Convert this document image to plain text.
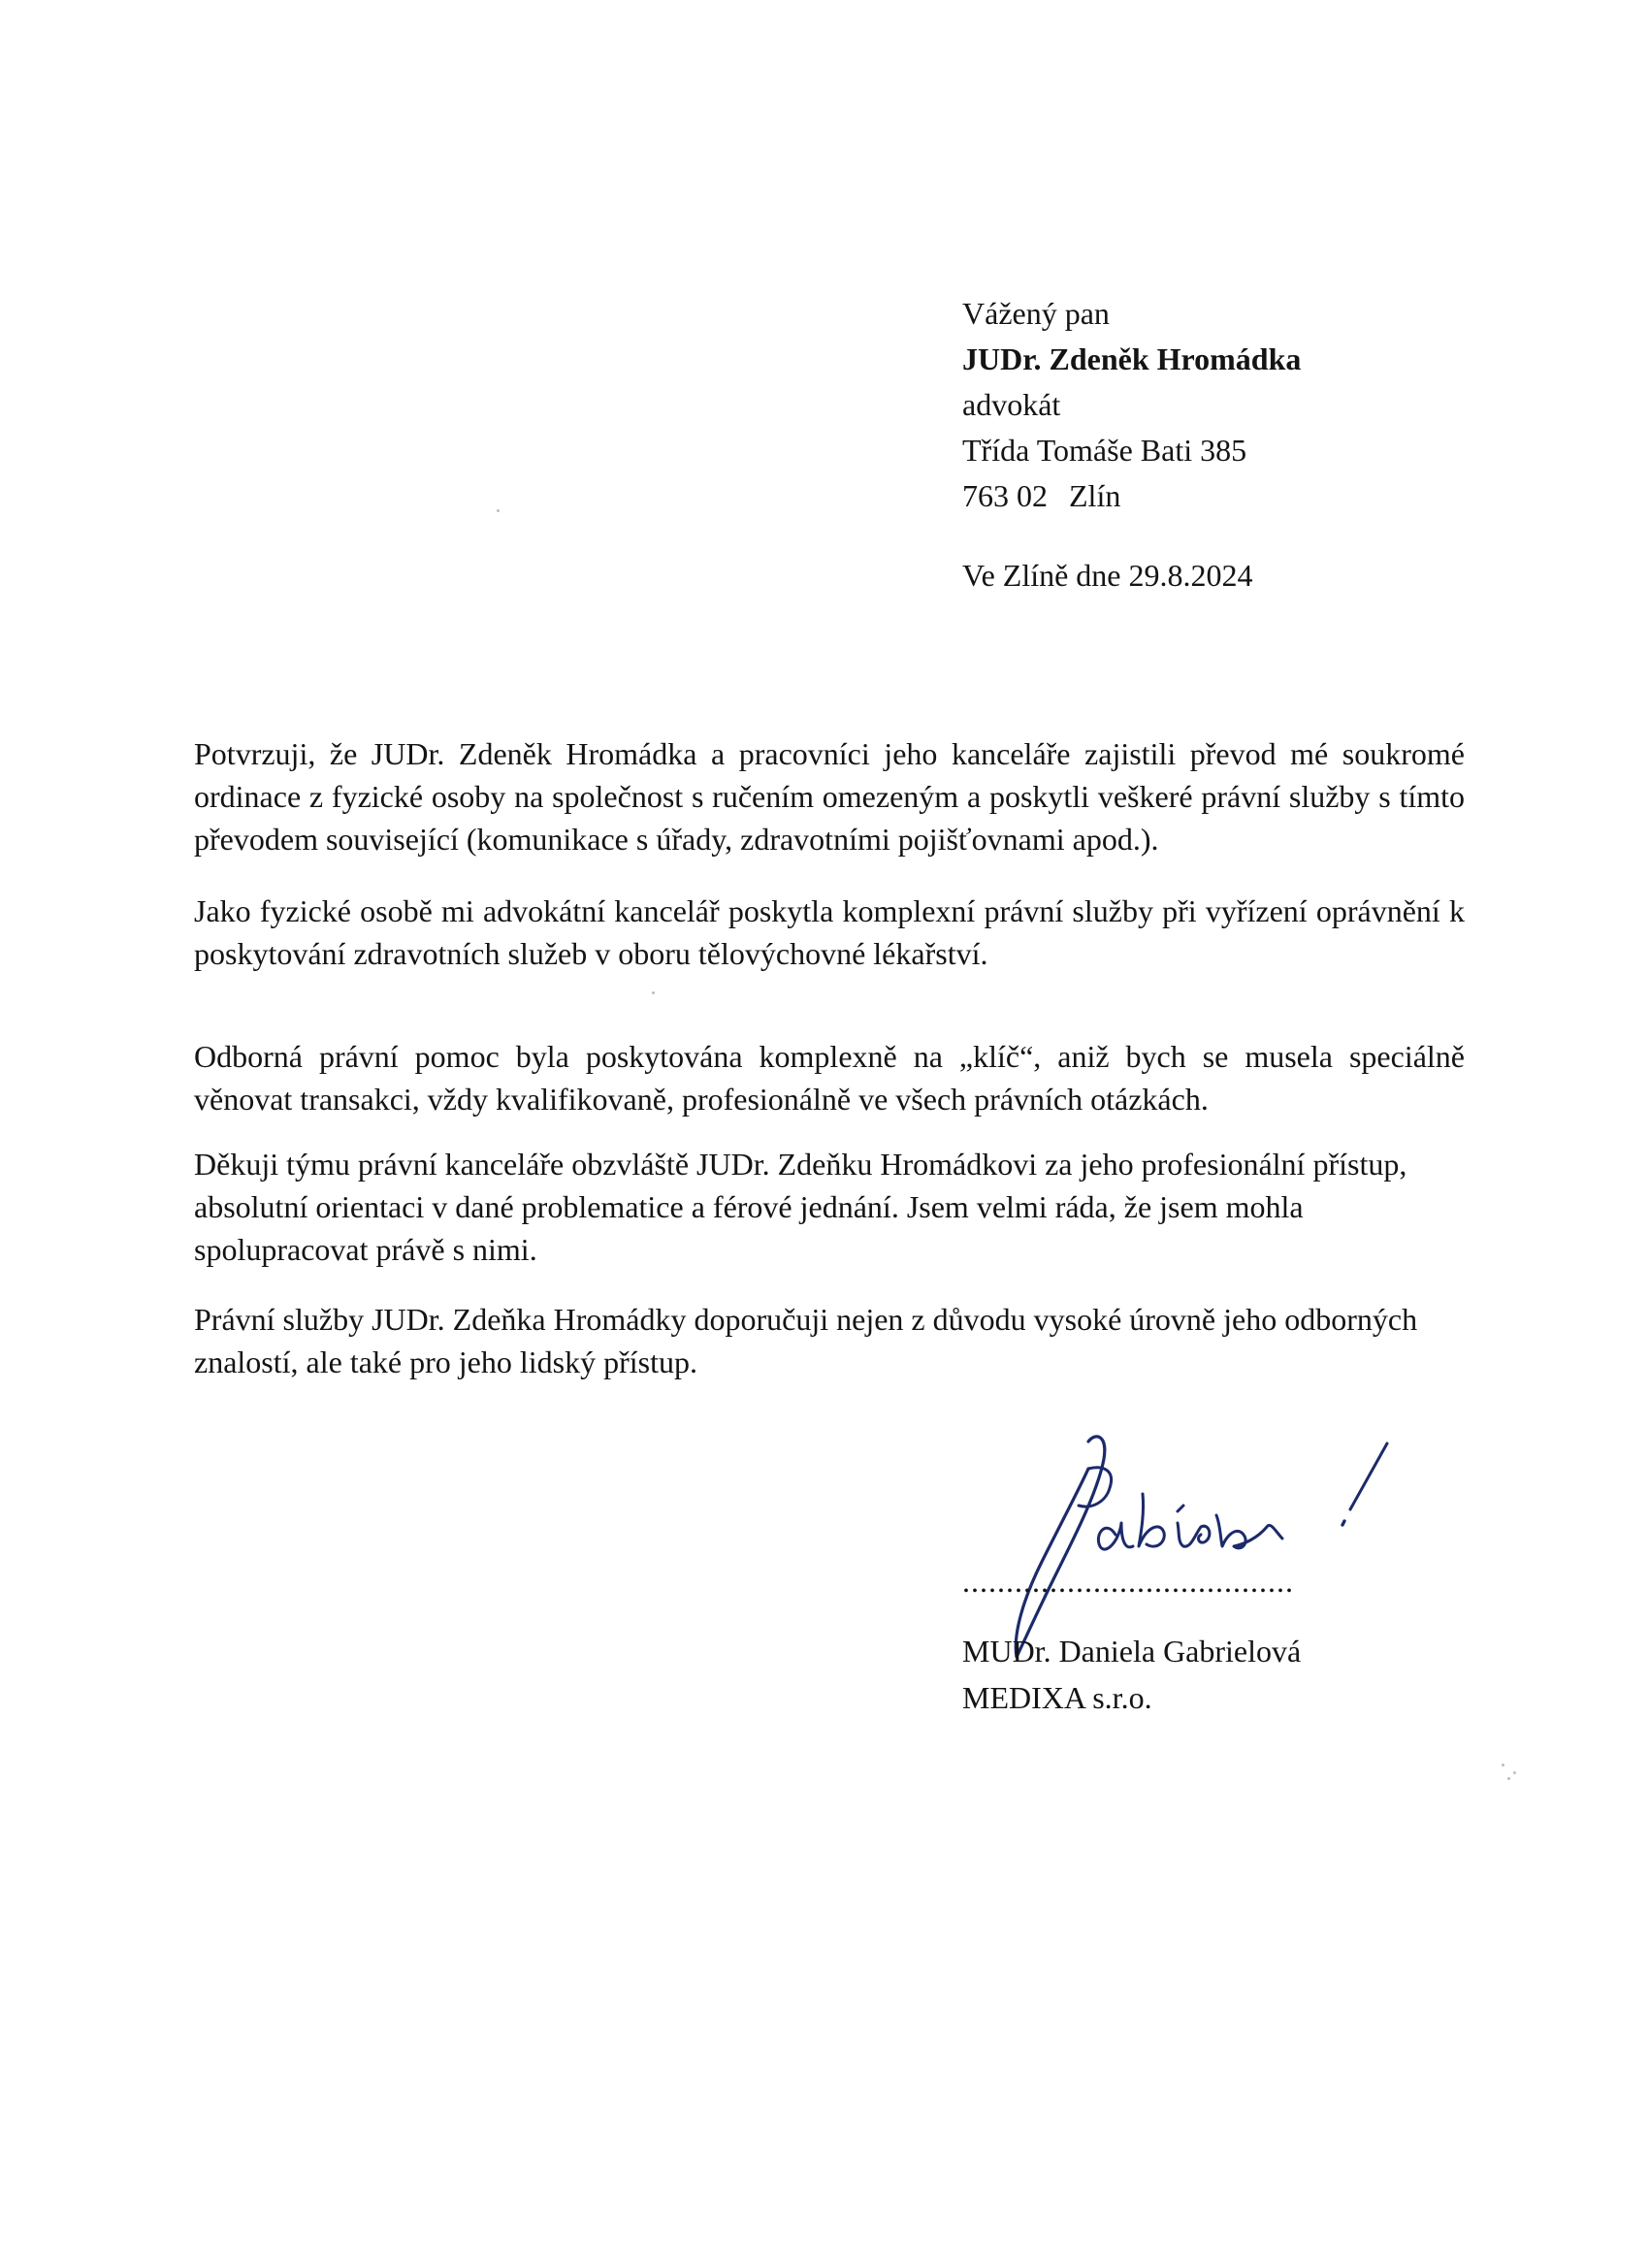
Vážený pan
JUDr. Zdeněk Hromádka
advokát
Třída Tomáše Bati 385
763 02 Zlín
Ve Zlíně dne 29.8.2024

Potvrzuji, že JUDr. Zdeněk Hromádka a pracovníci jeho kanceláře zajistili převod mé soukromé ordinace z fyzické osoby na společnost s ručením omezeným a poskytli veškeré právní služby s tímto převodem související (komunikace s úřady, zdravotními pojišťovnami apod.).

Jako fyzické osobě mi advokátní kancelář poskytla komplexní právní služby při vyřízení oprávnění k poskytování zdravotních služeb v oboru tělovýchovné lékařství.

Odborná právní pomoc byla poskytována komplexně na „klíč“, aniž bych se musela speciálně věnovat transakci, vždy kvalifikovaně, profesionálně ve všech právních otázkách.

Děkuji týmu právní kanceláře obzvláště JUDr. Zdeňku Hromádkovi za jeho profesionální přístup, absolutní orientaci v dané problematice a férové jednání. Jsem velmi ráda, že jsem mohla spolupracovat právě s nimi.

Právní služby JUDr. Zdeňka Hromádky doporučuji nejen z důvodu vysoké úrovně jeho odborných znalostí, ale také pro jeho lidský přístup.

......................................
MUDr. Daniela Gabrielová
MEDIXA s.r.o.
